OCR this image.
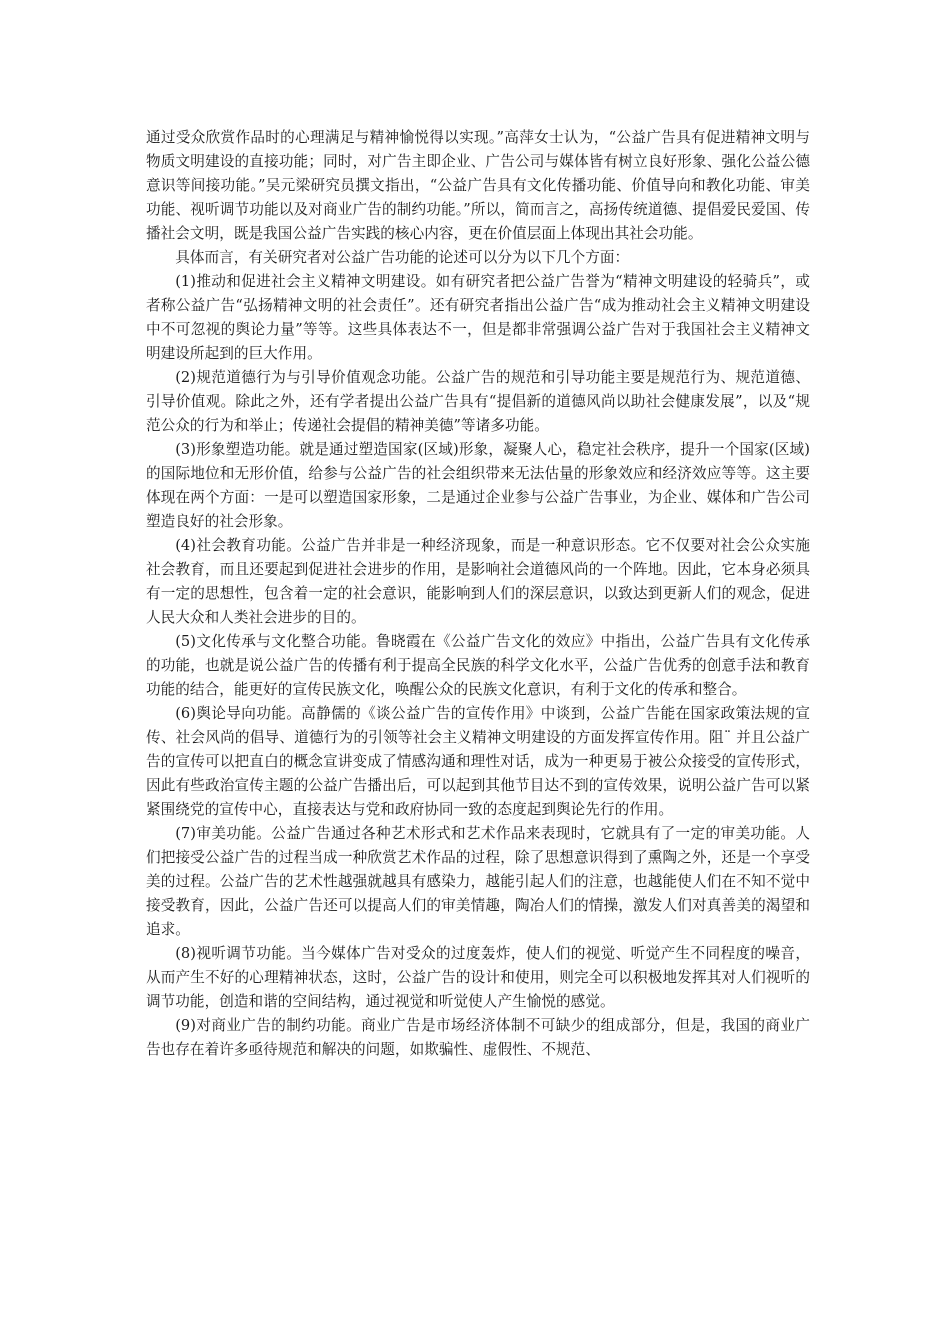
通过受众欣赏作品时的心理满足与精神愉悦得以实现。”高萍女士认为，“公益广告具有促进精神文明与物质文明建设的直接功能；同时，对广告主即企业、广告公司与媒体皆有树立良好形象、强化公益公德意识等间接功能。”吴元梁研究员撰文指出，“公益广告具有文化传播功能、价值导向和教化功能、审美功能、视听调节功能以及对商业广告的制约功能。”所以，简而言之，高扬传统道德、提倡爱民爱国、传播社会文明，既是我国公益广告实践的核心内容，更在价值层面上体现出其社会功能。

具体而言，有关研究者对公益广告功能的论述可以分为以下几个方面：

(1)推动和促进社会主义精神文明建设。如有研究者把公益广告誉为“精神文明建设的轻骑兵”，或者称公益广告“弘扬精神文明的社会责任”。还有研究者指出公益广告“成为推动社会主义精神文明建设中不可忽视的舆论力量”等等。这些具体表达不一，但是都非常强调公益广告对于我国社会主义精神文明建设所起到的巨大作用。

(2)规范道德行为与引导价值观念功能。公益广告的规范和引导功能主要是规范行为、规范道德、引导价值观。除此之外，还有学者提出公益广告具有“提倡新的道德风尚以助社会健康发展”，以及“规范公众的行为和举止；传递社会提倡的精神美德”等诸多功能。

(3)形象塑造功能。就是通过塑造国家(区域)形象，凝聚人心，稳定社会秩序，提升一个国家(区域)的国际地位和无形价值，给参与公益广告的社会组织带来无法估量的形象效应和经济效应等等。这主要体现在两个方面：一是可以塑造国家形象，二是通过企业参与公益广告事业，为企业、媒体和广告公司塑造良好的社会形象。

(4)社会教育功能。公益广告并非是一种经济现象，而是一种意识形态。它不仅要对社会公众实施社会教育，而且还要起到促进社会进步的作用，是影响社会道德风尚的一个阵地。因此，它本身必须具有一定的思想性，包含着一定的社会意识，能影响到人们的深层意识，以致达到更新人们的观念，促进人民大众和人类社会进步的目的。

(5)文化传承与文化整合功能。鲁晓霞在《公益广告文化的效应》中指出，公益广告具有文化传承的功能，也就是说公益广告的传播有利于提高全民族的科学文化水平，公益广告优秀的创意手法和教育功能的结合，能更好的宣传民族文化，唤醒公众的民族文化意识，有利于文化的传承和整合。

(6)舆论导向功能。高静儒的《谈公益广告的宣传作用》中谈到，公益广告能在国家政策法规的宣传、社会风尚的倡导、道德行为的引领等社会主义精神文明建设的方面发挥宣传作用。阻¨ 并且公益广告的宣传可以把直白的概念宣讲变成了情感沟通和理性对话，成为一种更易于被公众接受的宣传形式，因此有些政治宣传主题的公益广告播出后，可以起到其他节目达不到的宣传效果，说明公益广告可以紧紧围绕党的宣传中心，直接表达与党和政府协同一致的态度起到舆论先行的作用。

(7)审美功能。公益广告通过各种艺术形式和艺术作品来表现时，它就具有了一定的审美功能。人们把接受公益广告的过程当成一种欣赏艺术作品的过程，除了思想意识得到了熏陶之外，还是一个享受美的过程。公益广告的艺术性越强就越具有感染力，越能引起人们的注意，也越能使人们在不知不觉中接受教育，因此，公益广告还可以提高人们的审美情趣，陶冶人们的情操，激发人们对真善美的渴望和追求。

(8)视听调节功能。当今媒体广告对受众的过度轰炸，使人们的视觉、听觉产生不同程度的噪音，从而产生不好的心理精神状态，这时，公益广告的设计和使用，则完全可以积极地发挥其对人们视听的调节功能，创造和谐的空间结构，通过视觉和听觉使人产生愉悦的感觉。

(9)对商业广告的制约功能。商业广告是市场经济体制不可缺少的组成部分，但是，我国的商业广告也存在着许多亟待规范和解决的问题，如欺骗性、虚假性、不规范、
